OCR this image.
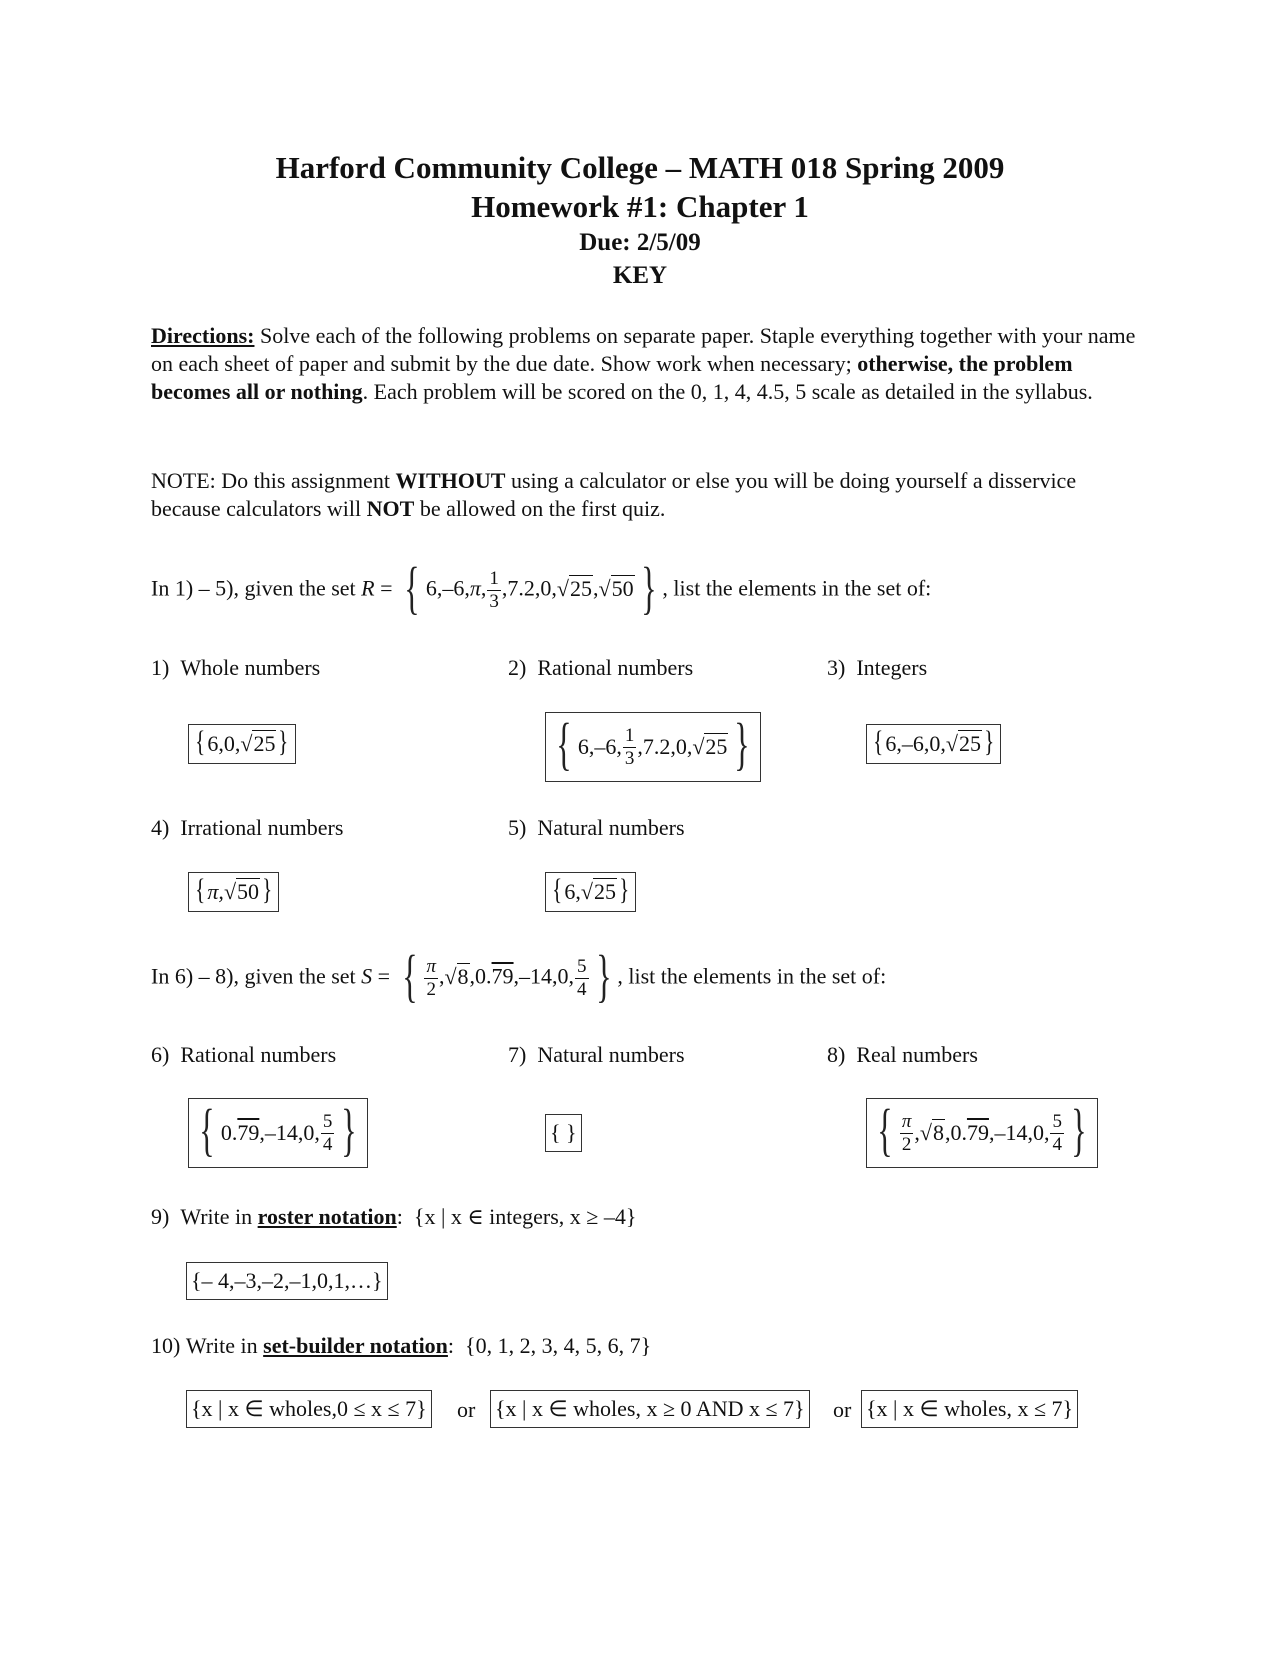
Harford Community College – MATH 018 Spring 2009
Homework #1: Chapter 1
Due: 2/5/09
KEY
Directions: Solve each of the following problems on separate paper. Staple everything together with your name on each sheet of paper and submit by the due date. Show work when necessary; otherwise, the problem becomes all or nothing. Each problem will be scored on the 0, 1, 4, 4.5, 5 scale as detailed in the syllabus.
NOTE: Do this assignment WITHOUT using a calculator or else you will be doing yourself a disservice because calculators will NOT be allowed on the first quiz.
In 1) – 5), given the set R = { 6,–6,π, $\frac{1}{3} ,7.2,0,√25,√50$ } , list the elements in the set of:
1) Whole numbers	2) Rational numbers	3) Integers
{ 6,0, √25 }	{ 6,–6, $\frac{1}{3} ,7.2,0$, √25 }	{ 6,–6,0, √25 }
4) Irrational numbers	5) Natural numbers
{ π, √50 }	{ 6, √25 }
In 6) – 8), given the set S = { $\frac{\pi}{2} ,√8,0.79,-14,0$, $\frac{5}{4}$ } , list the elements in the set of:
6) Rational numbers	7) Natural numbers	8) Real numbers
{ 0. 79 ,–14,0, $\frac{5}{4}$ }	{ }	{ $\frac{\pi}{2}$ , √8 ,0. 79 ,–14,0, $\frac{5}{4}$ }
9) Write in roster notation: {x | x ∈ integers, x ≥ –4}
{– 4,–3,–2,–1,0,1,…}
10) Write in set-builder notation: {0, 1, 2, 3, 4, 5, 6, 7}
{x | x ∈ wholes,0 ≤ x ≤ 7} or {x | x ∈ wholes, x ≥ 0 AND x ≤ 7} or {x | x ∈ wholes, x ≤ 7}
